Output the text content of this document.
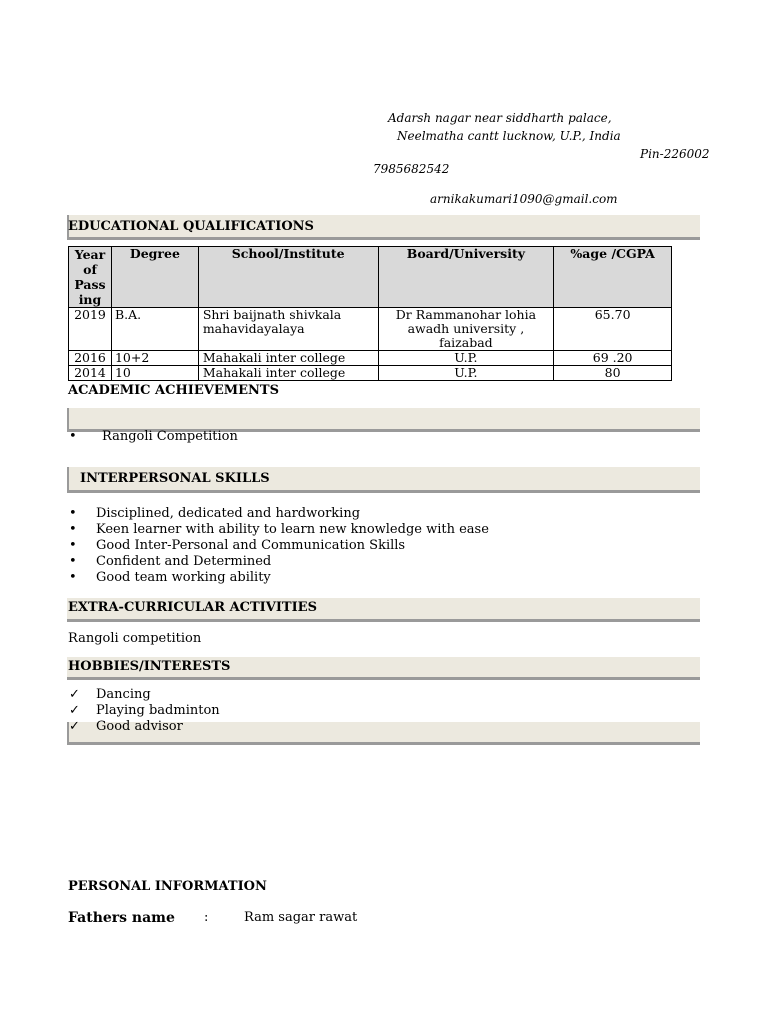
Adarsh nagar near siddharth palace,
Neelmatha cantt lucknow, U.P., India
Pin-226002
7985682542
arnikakumari1090@gmail.com
EDUCATIONAL QUALIFICATIONS
Year of Pass ing	Degree	School/Institute	Board/University	%age /CGPA
2019	B.A.	Shri baijnath shivkala mahavidayalaya	Dr Rammanohar lohia awadh university , faizabad	65.70
2016	10+2	Mahakali inter college	U.P.	69 .20
2014	10	Mahakali inter college	U.P.	80
ACADEMIC ACHIEVEMENTS
• Rangoli Competition
INTERPERSONAL SKILLS
• Disciplined, dedicated and hardworking
• Keen learner with ability to learn new knowledge with ease
• Good Inter-Personal and Communication Skills
• Confident and Determined
• Good team working ability
EXTRA-CURRICULAR ACTIVITIES
Rangoli competition
HOBBIES/INTERESTS
✓ Dancing
✓ Playing badminton
✓ Good advisor
PERSONAL INFORMATION
Fathers name :	Ram sagar rawat
